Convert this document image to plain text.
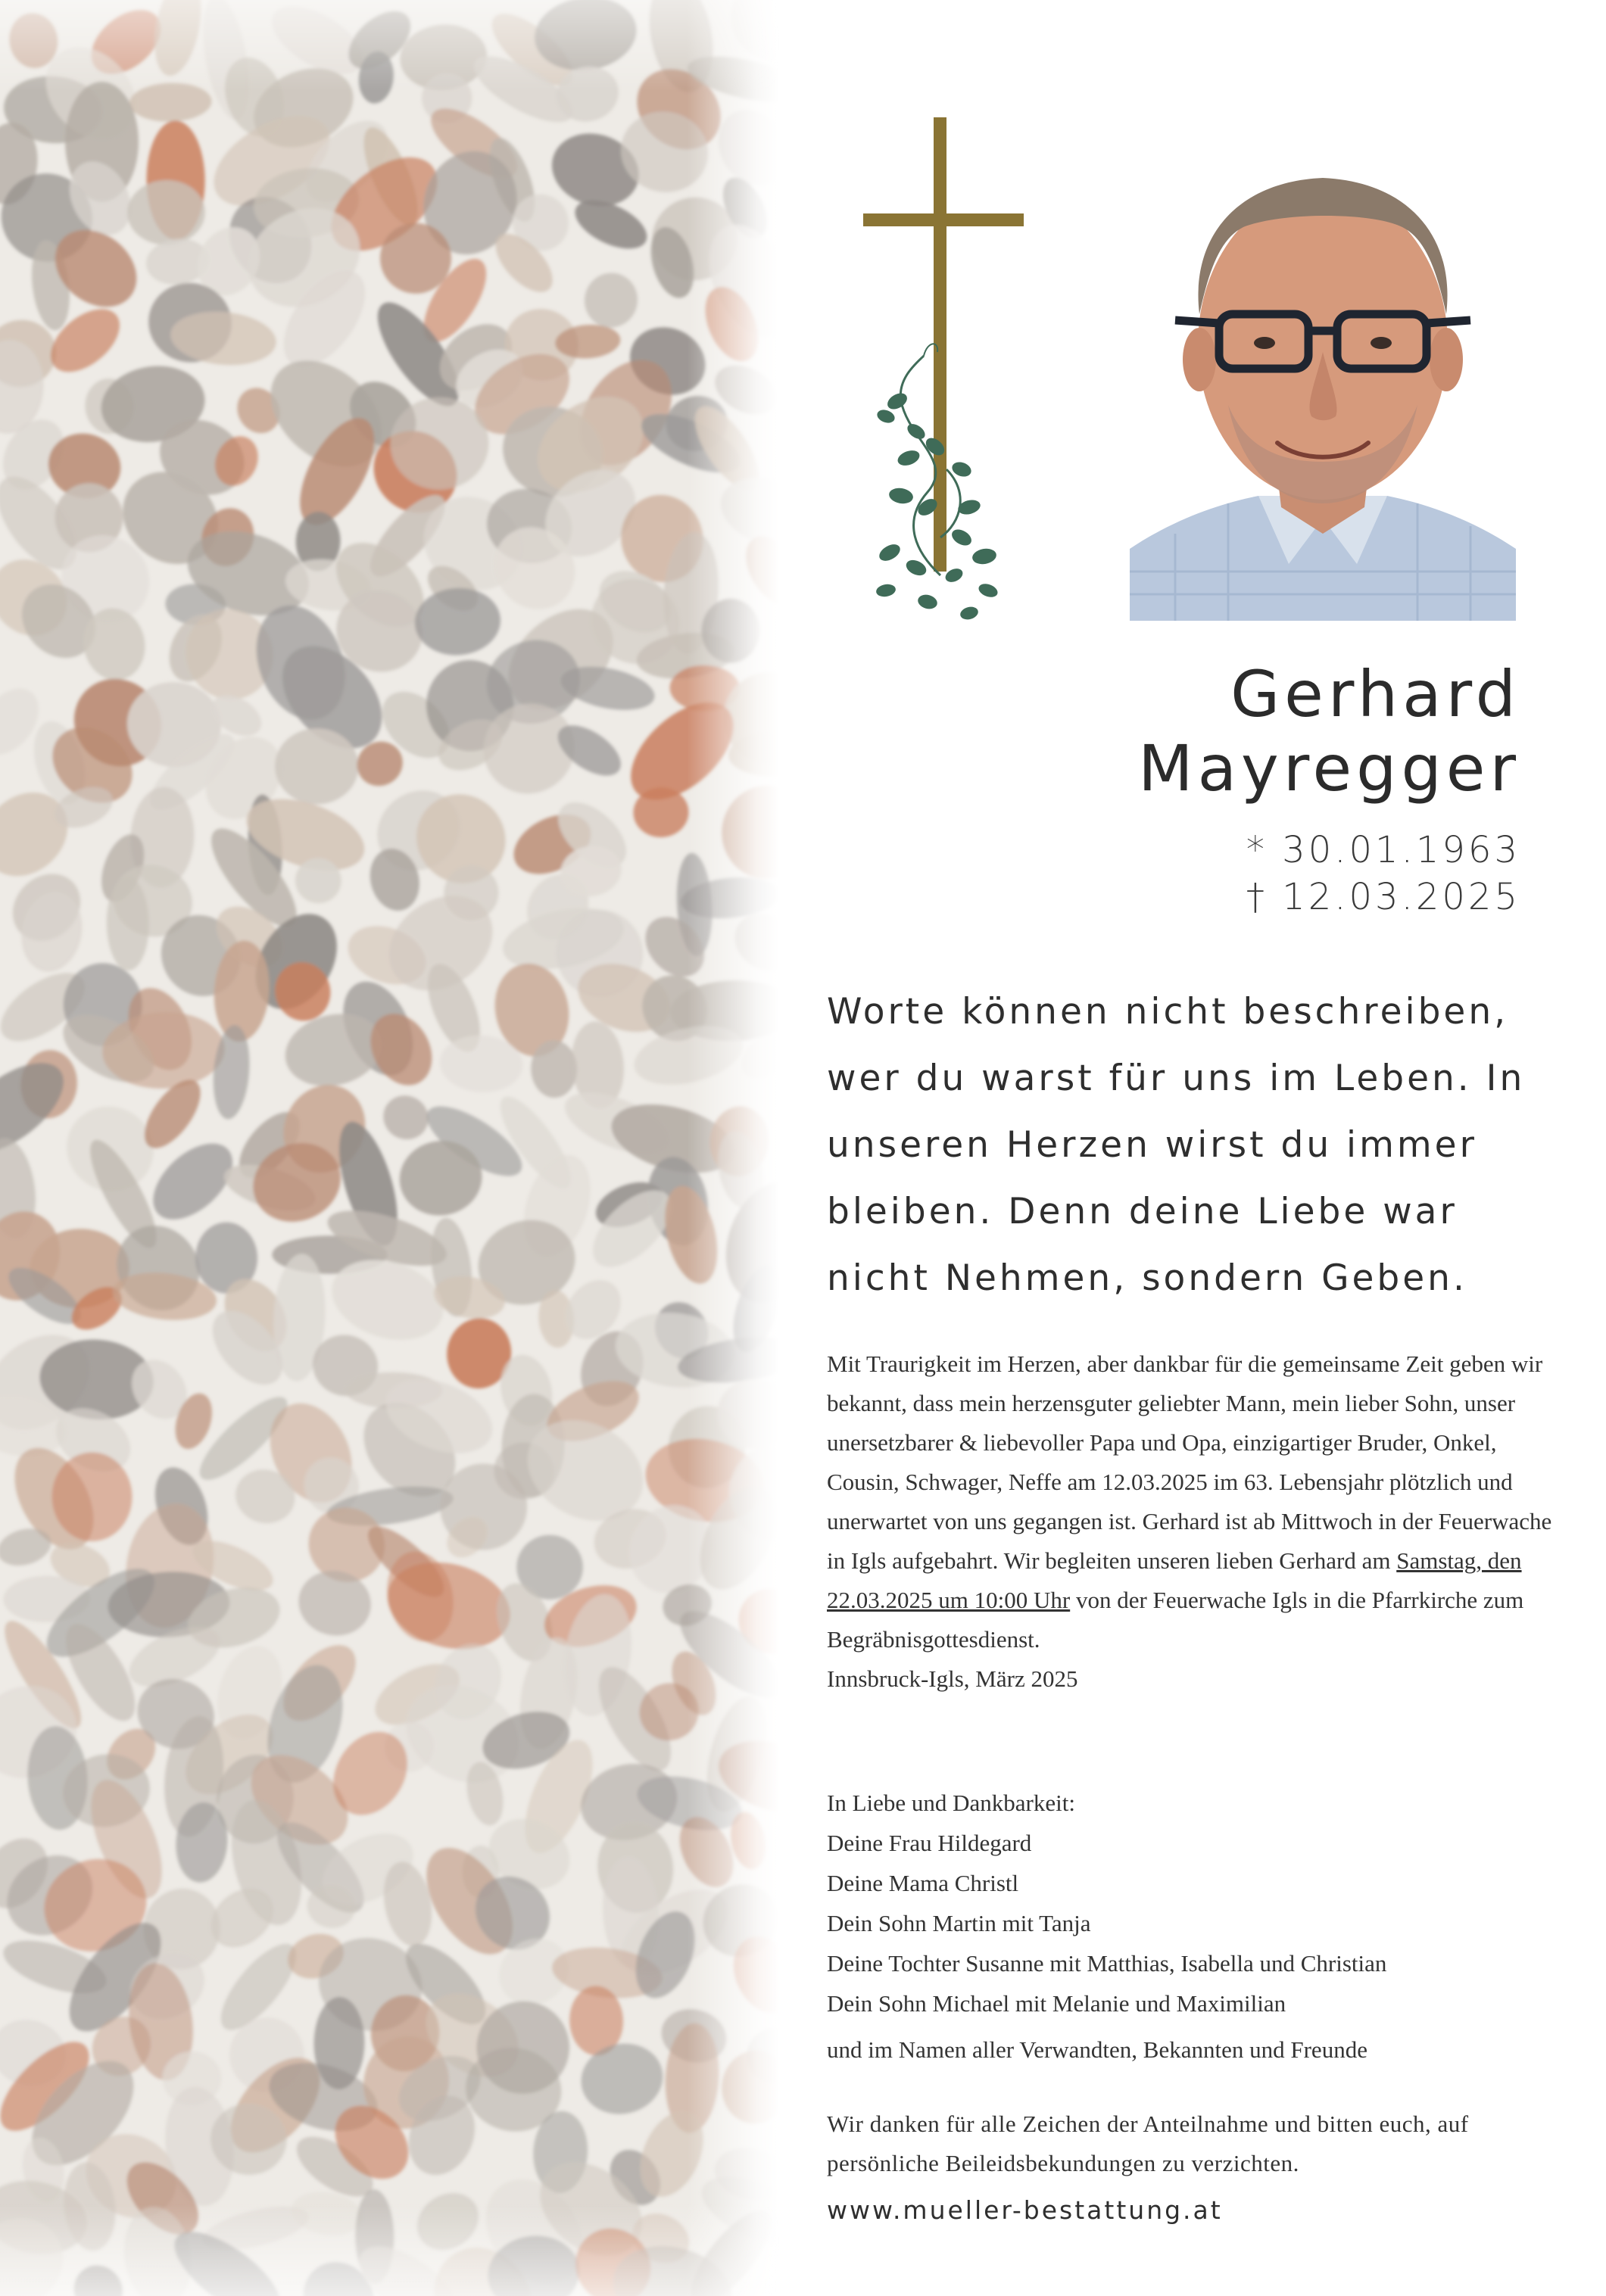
Gerhard
Mayregger
* 30.01.1963
† 12.03.2025
Worte können nicht beschreiben, wer du warst für uns im Leben. In unseren Herzen wirst du immer bleiben. Denn deine Liebe war nicht Nehmen, sondern Geben.

Mit Traurigkeit im Herzen, aber dankbar für die gemeinsame Zeit geben wir bekannt, dass mein herzensguter geliebter Mann, mein lieber Sohn, unser unersetzbarer & liebevoller Papa und Opa, einzigartiger Bruder, Onkel, Cousin, Schwager, Neffe am 12.03.2025 im 63. Lebensjahr plötzlich und unerwartet von uns gegangen ist. Gerhard ist ab Mittwoch in der Feuerwache in Igls aufgebahrt. Wir begleiten unseren lieben Gerhard am Samstag, den 22.03.2025 um 10:00 Uhr von der Feuerwache Igls in die Pfarrkirche zum Begräbnisgottesdienst.

Innsbruck-Igls, März 2025

In Liebe und Dankbarkeit:
Deine Frau Hildegard
Deine Mama Christl
Dein Sohn Martin mit Tanja
Deine Tochter Susanne mit Matthias, Isabella und Christian
Dein Sohn Michael mit Melanie und Maximilian
und im Namen aller Verwandten, Bekannten und Freunde
Wir danken für alle Zeichen der Anteilnahme und bitten euch, auf persönliche Beileidsbekundungen zu verzichten.
www.mueller-bestattung.at
